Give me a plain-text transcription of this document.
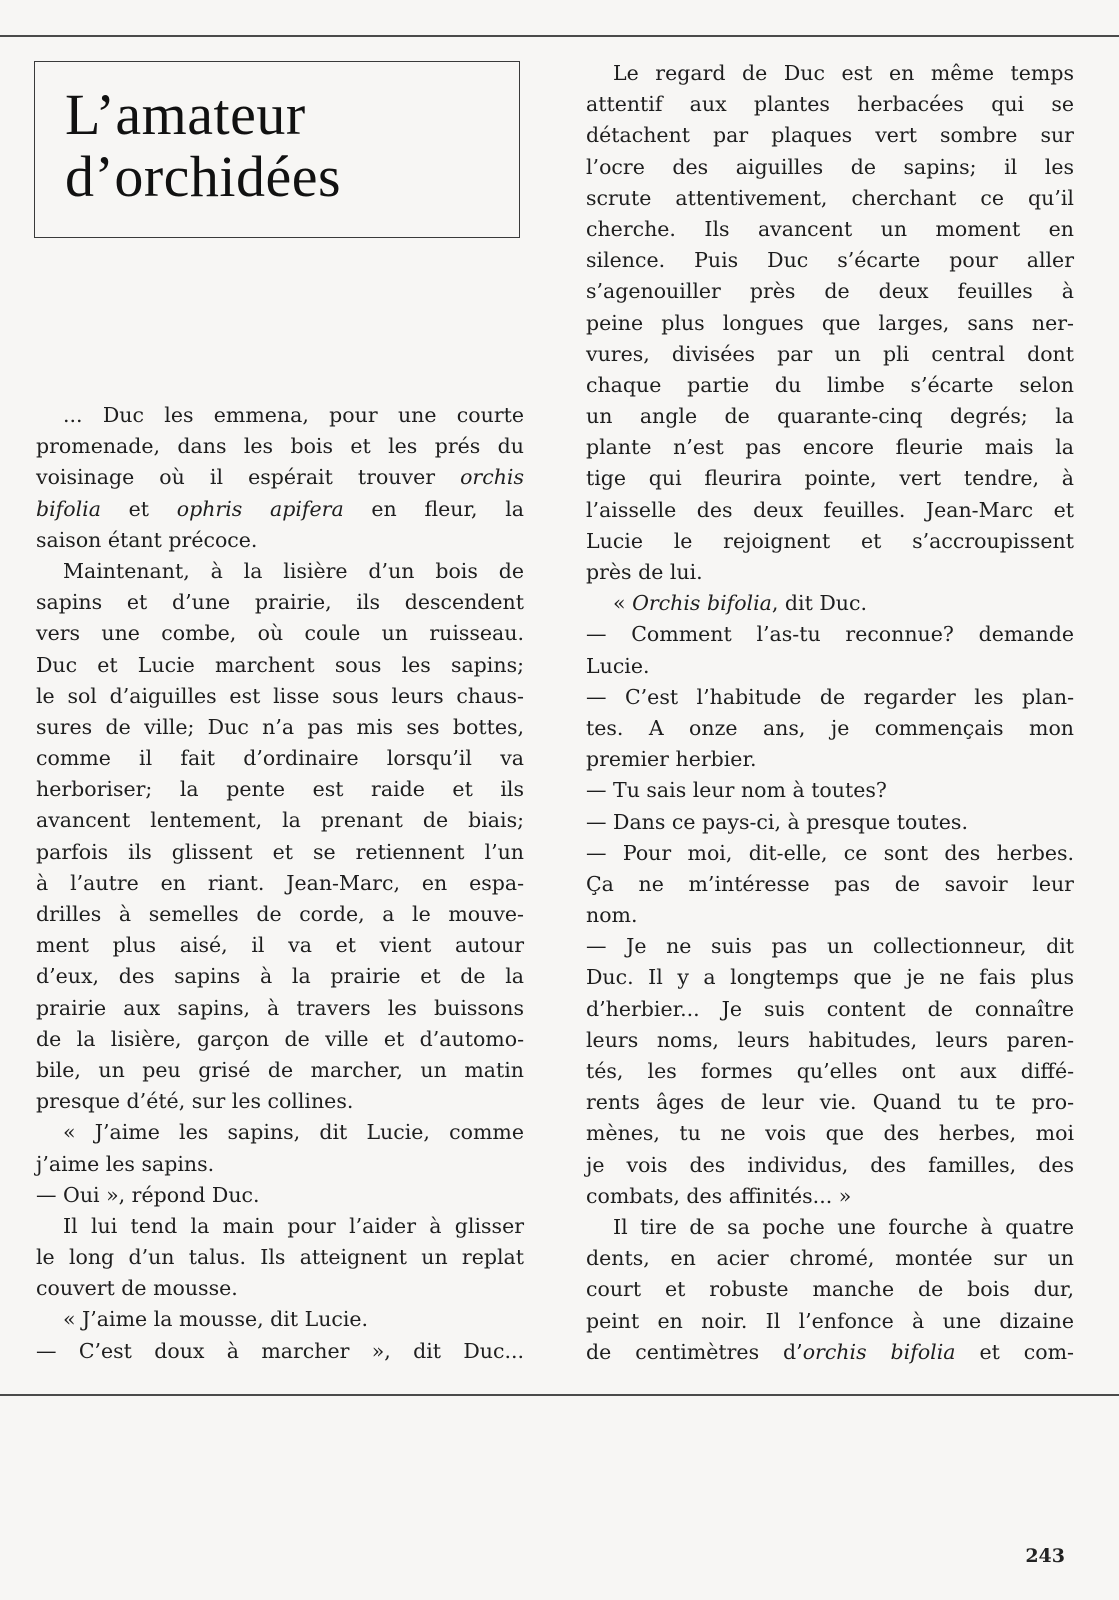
L’amateur
d’orchidées
... Duc les emmena, pour une courte
promenade, dans les bois et les prés du
voisinage où il espérait trouver orchis
bifolia et ophris apifera en fleur, la
saison étant précoce.
Maintenant, à la lisière d’un bois de
sapins et d’une prairie, ils descendent
vers une combe, où coule un ruisseau.
Duc et Lucie marchent sous les sapins;
le sol d’aiguilles est lisse sous leurs chaus-
sures de ville; Duc n’a pas mis ses bottes,
comme il fait d’ordinaire lorsqu’il va
herboriser; la pente est raide et ils
avancent lentement, la prenant de biais;
parfois ils glissent et se retiennent l’un
à l’autre en riant. Jean-Marc, en espa-
drilles à semelles de corde, a le mouve-
ment plus aisé, il va et vient autour
d’eux, des sapins à la prairie et de la
prairie aux sapins, à travers les buissons
de la lisière, garçon de ville et d’automo-
bile, un peu grisé de marcher, un matin
presque d’été, sur les collines.
« J’aime les sapins, dit Lucie, comme
j’aime les sapins.
— Oui », répond Duc.
Il lui tend la main pour l’aider à glisser
le long d’un talus. Ils atteignent un replat
couvert de mousse.
« J’aime la mousse, dit Lucie.
— C’est doux à marcher », dit Duc...
Le regard de Duc est en même temps
attentif aux plantes herbacées qui se
détachent par plaques vert sombre sur
l’ocre des aiguilles de sapins; il les
scrute attentivement, cherchant ce qu’il
cherche. Ils avancent un moment en
silence. Puis Duc s’écarte pour aller
s’agenouiller près de deux feuilles à
peine plus longues que larges, sans ner-
vures, divisées par un pli central dont
chaque partie du limbe s’écarte selon
un angle de quarante-cinq degrés; la
plante n’est pas encore fleurie mais la
tige qui fleurira pointe, vert tendre, à
l’aisselle des deux feuilles. Jean-Marc et
Lucie le rejoignent et s’accroupissent
près de lui.
« Orchis bifolia, dit Duc.
— Comment l’as-tu reconnue? demande
Lucie.
— C’est l’habitude de regarder les plan-
tes. A onze ans, je commençais mon
premier herbier.
— Tu sais leur nom à toutes?
— Dans ce pays-ci, à presque toutes.
— Pour moi, dit-elle, ce sont des herbes.
Ça ne m’intéresse pas de savoir leur
nom.
— Je ne suis pas un collectionneur, dit
Duc. Il y a longtemps que je ne fais plus
d’herbier... Je suis content de connaître
leurs noms, leurs habitudes, leurs paren-
tés, les formes qu’elles ont aux diffé-
rents âges de leur vie. Quand tu te pro-
mènes, tu ne vois que des herbes, moi
je vois des individus, des familles, des
combats, des affinités... »
Il tire de sa poche une fourche à quatre
dents, en acier chromé, montée sur un
court et robuste manche de bois dur,
peint en noir. Il l’enfonce à une dizaine
de centimètres d’orchis bifolia et com-

243
